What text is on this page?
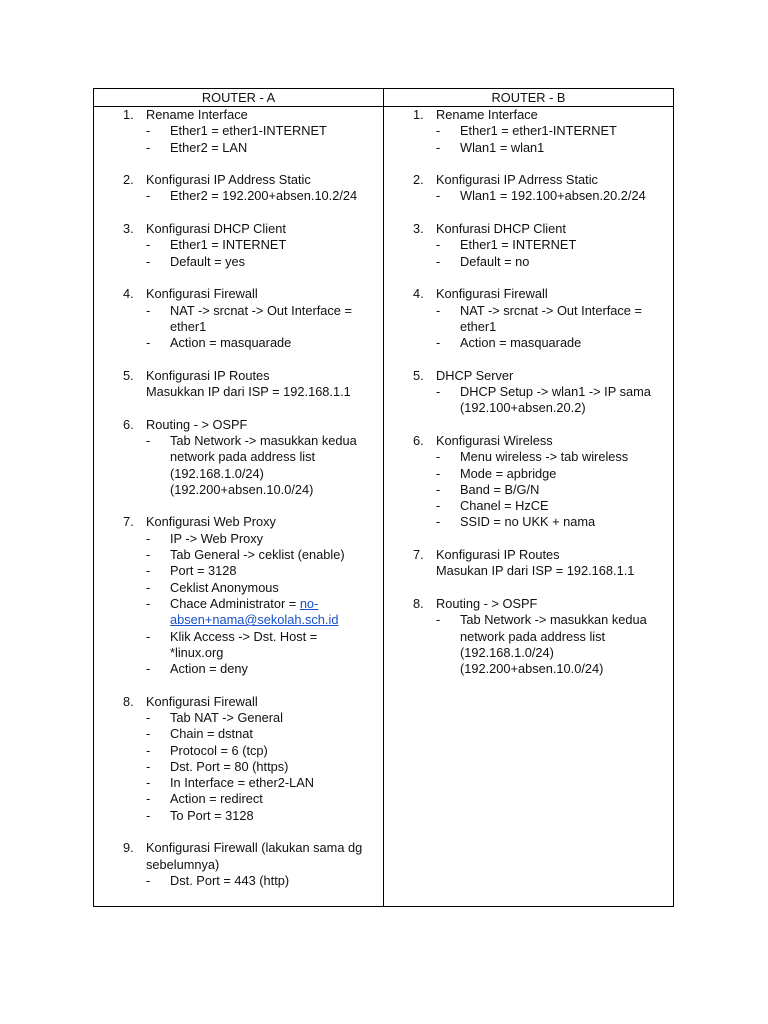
ROUTER - A	ROUTER - B
1. Rename Interface
- Ether1 = ether1-INTERNET
- Ether2 = LAN
2. Konfigurasi IP Address Static
- Ether2 = 192.200+absen.10.2/24
3. Konfigurasi DHCP Client
- Ether1 = INTERNET
- Default = yes
4. Konfigurasi Firewall
- NAT -> srcnat -> Out Interface =
ether1
- Action = masquarade
5. Konfigurasi IP Routes
Masukkan IP dari ISP = 192.168.1.1
6. Routing - > OSPF
- Tab Network -> masukkan kedua
network pada address list
(192.168.1.0/24)
(192.200+absen.10.0/24)
7. Konfigurasi Web Proxy
- IP -> Web Proxy
- Tab General -> ceklist (enable)
- Port = 3128
- Ceklist Anonymous
- Chace Administrator = no-
absen+nama@sekolah.sch.id
- Klik Access -> Dst. Host =
*linux.org
- Action = deny
8. Konfigurasi Firewall
- Tab NAT -> General
- Chain = dstnat
- Protocol = 6 (tcp)
- Dst. Port = 80 (https)
- In Interface = ether2-LAN
- Action = redirect
- To Port = 3128
9. Konfigurasi Firewall (lakukan sama dg
sebelumnya)
- Dst. Port = 443 (http)
1. Rename Interface
- Ether1 = ether1-INTERNET
- Wlan1 = wlan1
2. Konfigurasi IP Adrress Static
- Wlan1 = 192.100+absen.20.2/24
3. Konfurasi DHCP Client
- Ether1 = INTERNET
- Default = no
4. Konfigurasi Firewall
- NAT -> srcnat -> Out Interface =
ether1
- Action = masquarade
5. DHCP Server
- DHCP Setup -> wlan1 -> IP sama
(192.100+absen.20.2)
6. Konfigurasi Wireless
- Menu wireless -> tab wireless
- Mode = apbridge
- Band = B/G/N
- Chanel = HzCE
- SSID = no UKK + nama
7. Konfigurasi IP Routes
Masukan IP dari ISP = 192.168.1.1
8. Routing - > OSPF
- Tab Network -> masukkan kedua
network pada address list
(192.168.1.0/24)
(192.200+absen.10.0/24)
